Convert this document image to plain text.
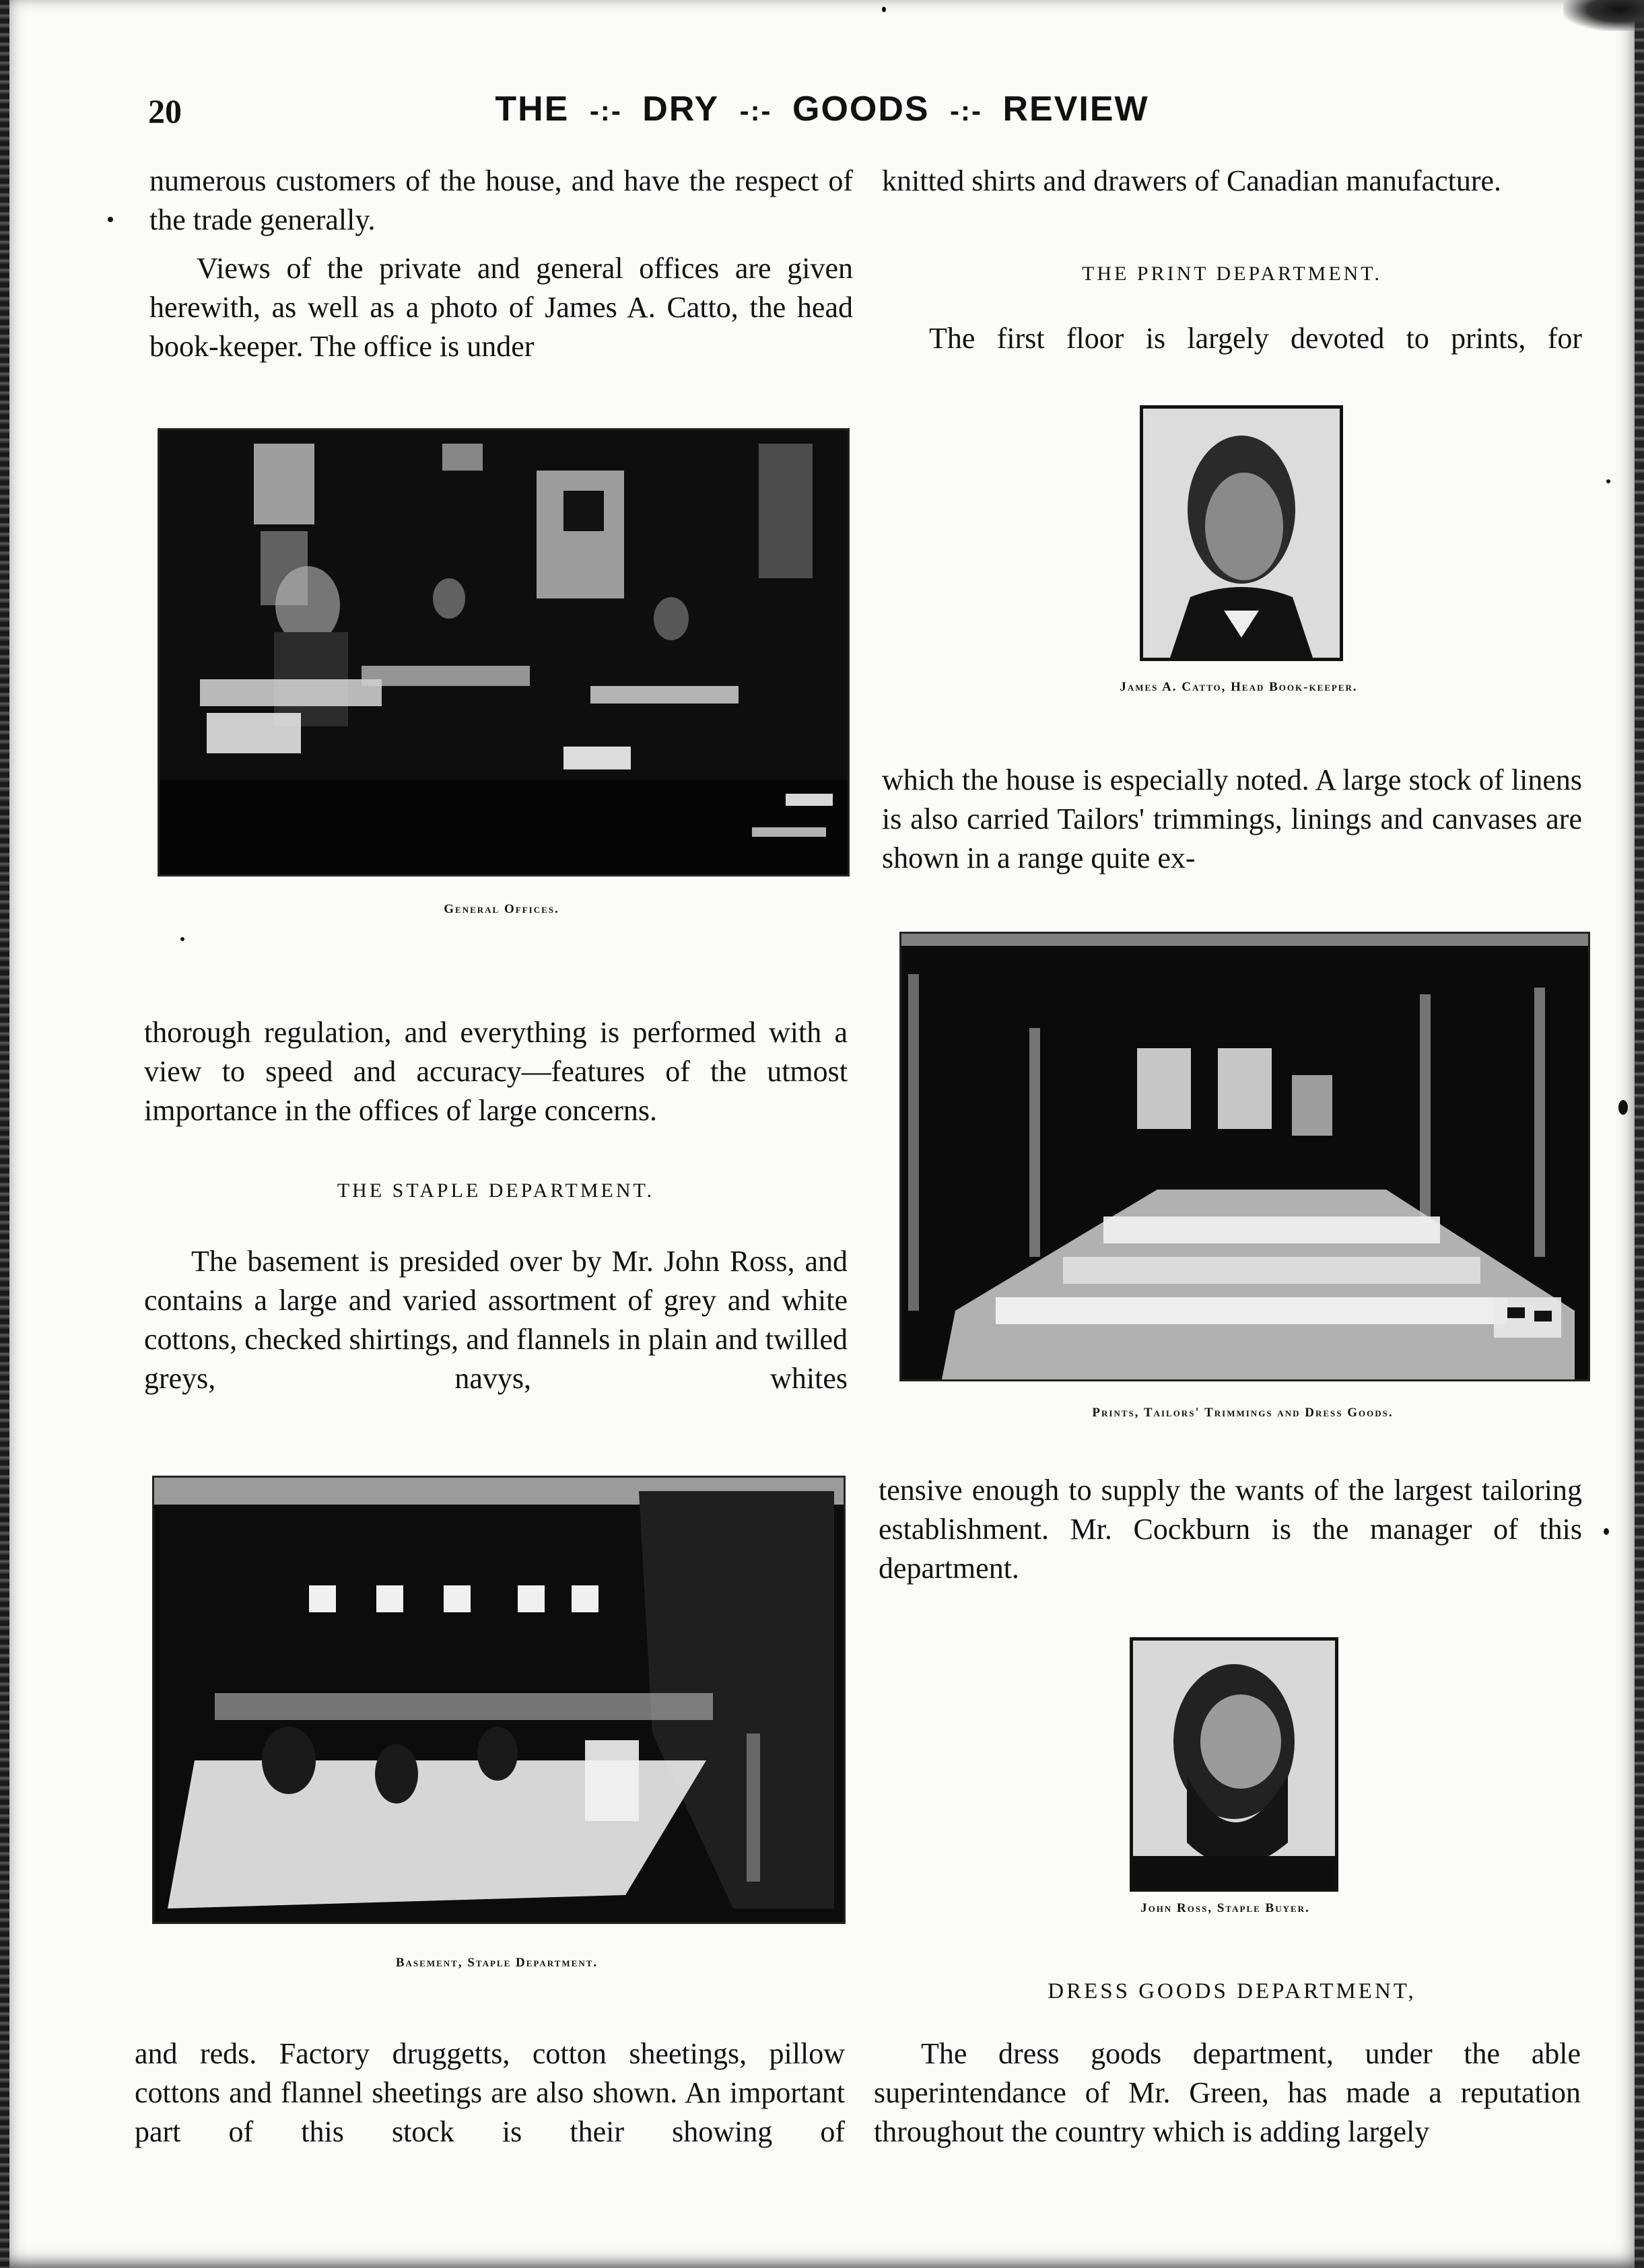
20	THE -:- DRY -:- GOODS -:- REVIEW
numerous customers of the house, and have the respect of the trade generally.
Views of the private and general offices are given herewith, as well as a photo of James A. Catto, the head book-keeper. The office is under
General Offices.
thorough regulation, and everything is performed with a view to speed and accuracy—features of the utmost importance in the offices of large concerns.
THE STAPLE DEPARTMENT.
The basement is presided over by Mr. John Ross, and contains a large and varied assortment of grey and white cottons, checked shirtings, and flannels in plain and twilled greys, navys, whites
Basement, Staple Department.
and reds. Factory druggetts, cotton sheetings, pillow cottons and flannel sheetings are also shown. An important part of this stock is their showing of
knitted shirts and drawers of Canadian manufacture.
THE PRINT DEPARTMENT.
The first floor is largely devoted to prints, for
James A. Catto, Head Book-keeper.
which the house is especially noted. A large stock of linens is also carried Tailors' trimmings, linings and canvases are shown in a range quite ex-
Prints, Tailors' Trimmings and Dress Goods.
tensive enough to supply the wants of the largest tailoring establishment. Mr. Cockburn is the manager of this department.
John Ross, Staple Buyer.
DRESS GOODS DEPARTMENT,
The dress goods department, under the able superintendance of Mr. Green, has made a reputation throughout the country which is adding largely
